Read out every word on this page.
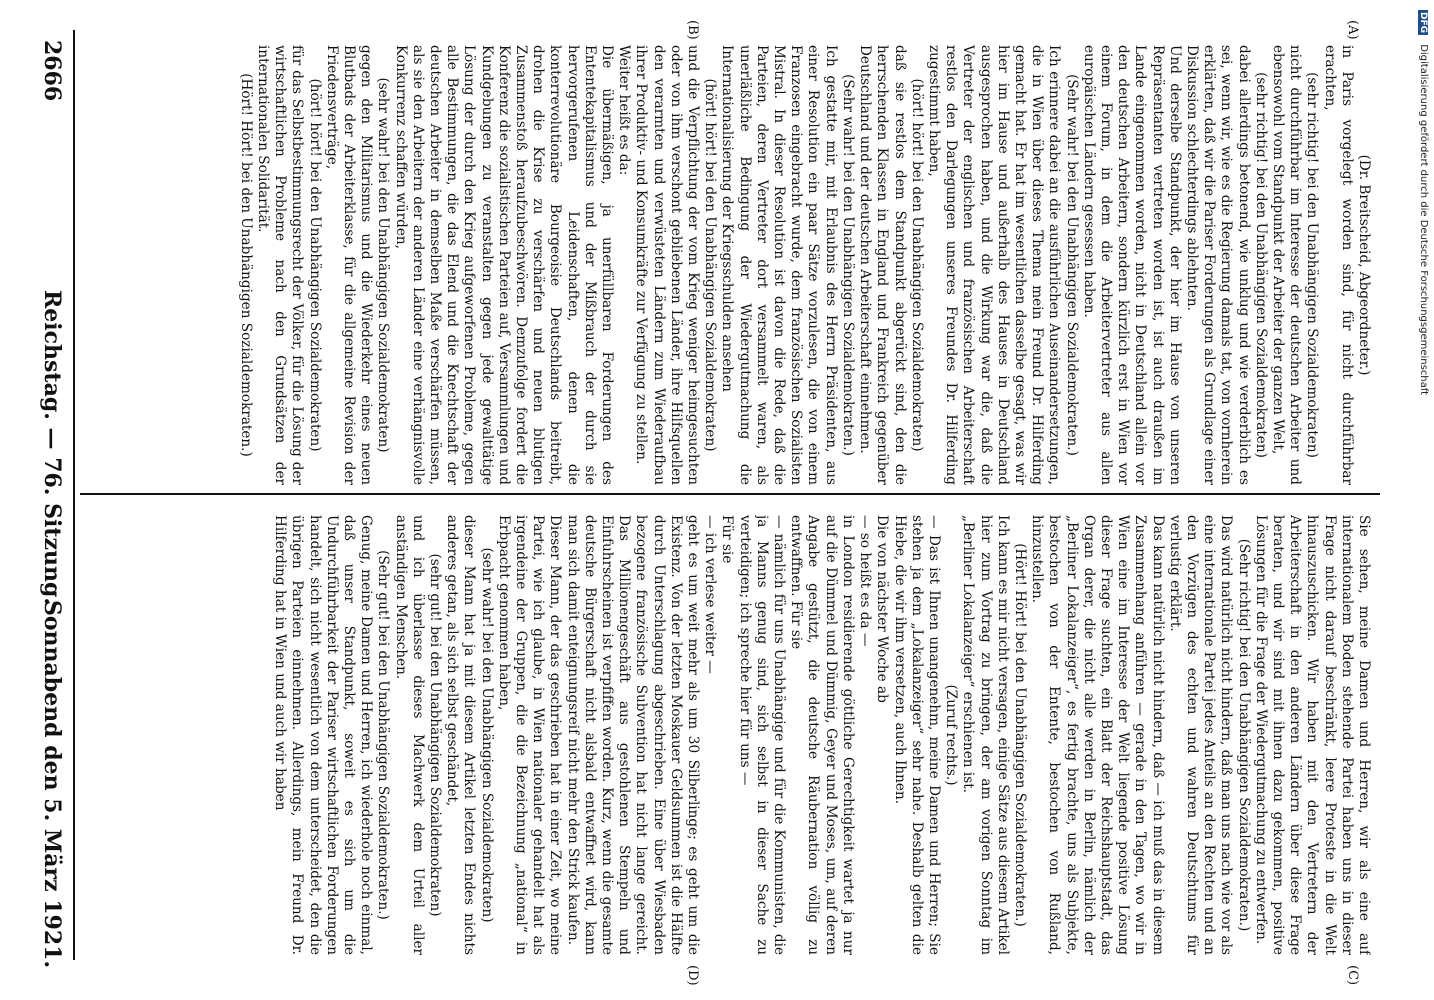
2666
Reichstag. — 76. Sitzung.
Sonnabend den 5. März 1921.

(Dr. Breitscheid, Abgeordneter.)

in Paris vorgelegt worden sind, für nicht durchführbar erachten,

(sehr richtig! bei den Unabhängigen Sozialdemokraten)

nicht durchführbar im Interesse der deutschen Arbeiter und ebensowohl vom Standpunkt der Arbeiter der ganzen Welt,

(sehr richtig! bei den Unabhängigen Sozialdemokraten)

dabei allerdings betonend, wie unklug und wie verderblich es sei, wenn wir, wie es die Regierung damals tat, von vornherein erklärten, daß wir die Pariser Forderungen als Grundlage einer Diskussion schlechterdings ablehnten.

Und derselbe Standpunkt, der hier im Hause von unseren Repräsentanten vertreten worden ist, ist auch draußen im Lande eingenommen worden, nicht in Deutschland allein vor den deutschen Arbeitern, sondern kürzlich erst in Wien vor einem Forum, in dem die Arbeitervertreter aus allen europäischen Ländern gesessen haben.

(Sehr wahr! bei den Unabhängigen Sozialdemokraten.)

Ich erinnere dabei an die ausführlichen Auseinandersetzungen, die in Wien über dieses Thema mein Freund Dr. Hilferding gemacht hat. Er hat im wesentlichen dasselbe gesagt, was wir hier im Hause und außerhalb des Hauses in Deutschland ausgesprochen haben, und die Wirkung war die, daß die Vertreter der englischen und französischen Arbeiterschaft restlos den Darlegungen unseres Freundes Dr. Hilferding zugestimmt haben,

(hört! hört! bei den Unabhängigen Sozialdemokraten)

daß sie restlos dem Standpunkt abgerückt sind, den die herrschenden Klassen in England und Frankreich gegenüber Deutschland und der deutschen Arbeiterschaft einnehmen.

(Sehr wahr! bei den Unabhängigen Sozialdemokraten.)

Ich gestatte mir, mit Erlaubnis des Herrn Präsidenten, aus einer Resolution ein paar Sätze vorzulesen, die von einem Franzosen eingebracht wurde, dem französischen Sozialisten Mistral. In dieser Resolution ist davon die Rede, daß die Parteien, deren Vertreter dort versammelt waren, als unerläßliche Bedingung der Wiedergutmachung die Internationalisierung der Kriegsschulden ansehen

(hört! hört! bei den Unabhängigen Sozialdemokraten)

und die Verpflichtung der vom Krieg weniger heimgesuchten oder von ihm verschont gebliebenen Länder, ihre Hilfsquellen den verarmten und verwüsteten Ländern zum Wiederaufbau ihrer Produktiv- und Konsumkräfte zur Verfügung zu stellen.

Weiter heißt es da:

Die übermäßigen, ja unerfüllbaren Forderungen des Ententekapitalismus und der Mißbrauch der durch sie hervorgerufenen Leidenschaften, denen die konterrevolutionäre Bourgeoisie Deutschlands beitreibt, drohen die Krise zu verschärfen und neuen blutigen Zusammenstoß heraufzubeschwören. Demzufolge fordert die Konferenz die sozialistischen Parteien auf, Versammlungen und Kundgebungen zu veranstalten gegen jede gewalttätige Lösung der durch den Krieg aufgeworfenen Probleme, gegen alle Bestimmungen, die das Elend und die Knechtschaft der deutschen Arbeiter in demselben Maße verschärfen müssen, als sie den Arbeitern der anderen Länder eine verhängnisvolle Konkurrenz schaffen würden,

(sehr wahr! bei den Unabhängigen Sozialdemokraten)

gegen den Militarismus und die Wiederkehr eines neuen Blutbads der Arbeiterklasse, für die allgemeine Revision der Friedensverträge,

(hört! hört! bei den Unabhängigen Sozialdemokraten)

für das Selbstbestimmungsrecht der Völker, für die Lösung der wirtschaftlichen Probleme nach den Grundsätzen der internationalen Solidarität.

(Hört! Hört! bei den Unabhängigen Sozialdemokraten.)

Sie sehen, meine Damen und Herren, wir als eine auf internationalem Boden stehende Partei haben uns in dieser Frage nicht darauf beschränkt, leere Proteste in die Welt hinauszuschicken. Wir haben mit den Vertretern der Arbeiterschaft in den anderen Ländern über diese Frage beraten, und wir sind mit ihnen dazu gekommen, positive Lösungen für die Frage der Wiedergutmachung zu entwerfen.

(Sehr richtig! bei den Unabhängigen Sozialdemokraten.)

Das wird natürlich nicht hindern, daß man uns nach wie vor als eine internationale Partei jedes Anteils an den Rechten und an den Vorzügen des echten und wahren Deutschtums für verlustig erklärt.

Das kann natürlich nicht hindern, daß — ich muß das in diesem Zusammenhang anführen — gerade in den Tagen, wo wir in Wien eine im Interesse der Welt liegende positive Lösung dieser Frage suchten, ein Blatt der Reichshauptstadt, das Organ derer, die nicht alle werden in Berlin, nämlich der „Berliner Lokalanzeiger“, es fertig brachte, uns als Subjekte, bestochen von der Entente, bestochen von Rußland, hinzustellen.

(Hört! Hört! bei den Unabhängigen Sozialdemokraten.)

Ich kann es mir nicht versagen, einige Sätze aus diesem Artikel hier zum Vortrag zu bringen, der am vorigen Sonntag im „Berliner Lokalanzeiger“ erschienen ist.

(Zuruf rechts.)

— Das ist Ihnen unangenehm, meine Damen und Herren; Sie stehen ja dem „Lokalanzeiger“ sehr nahe. Deshalb gelten die Hiebe, die wir ihm versetzen, auch Ihnen.

Die von nächster Woche ab

— so heißt es da —

in London residierende göttliche Gerechtigkeit wartet ja nur auf die Dümmel und Dümmig, Geyer und Moses, um, auf deren Angabe gestützt, die deutsche Räubernation völlig zu entwaffnen. Für sie

— nämlich für uns Unabhängige und für die Kommunisten, die ja Manns genug sind, sich selbst in dieser Sache zu verteidigen; ich spreche hier für uns —

Für sie

— ich verlese weiter —

geht es um weit mehr als um 30 Silberlinge; es geht um die Existenz. Von der letzten Moskauer Geldsummen ist die Hälfte durch Unterschlagung abgeschrieben. Eine über Wiesbaden bezogene französische Subvention hat nicht lange gereicht. Das Millionengeschäft aus gestohlenen Stempeln und Einfuhrscheinen ist verpfiffen worden. Kurz, wenn die gesamte deutsche Bürgerschaft nicht alsbald entwaffnet wird, kann man sich damit enteignungsreif nicht mehr den Strick kaufen.

Dieser Mann, der das geschrieben hat in einer Zeit, wo meine Partei, wie ich glaube, in Wien nationaler gehandelt hat als irgendeine der Gruppen, die die Bezeichnung „national“ in Erbpacht genommen haben,

(sehr wahr! bei den Unabhängigen Sozialdemokraten)

dieser Mann hat ja mit diesem Artikel letzten Endes nichts anderes getan, als sich selbst geschändet,

(sehr gut! bei den Unabhängigen Sozialdemokraten)

und ich überlasse dieses Machwerk dem Urteil aller anständigen Menschen.

(Sehr gut! bei den Unabhängigen Sozialdemokraten.)

Genug, meine Damen und Herren, ich wiederhole noch einmal, daß unser Standpunkt, soweit es sich um die Undurchführbarkeit der Pariser wirtschaftlichen Forderungen handelt, sich nicht wesentlich von dem unterscheidet, den die übrigen Parteien einnehmen. Allerdings, mein Freund Dr. Hilferding hat in Wien und auch wir haben

(A)
(B)
(C)
(D)
DFG Digitalisierung gefördert durch die Deutsche Forschungsgemeinschaft
